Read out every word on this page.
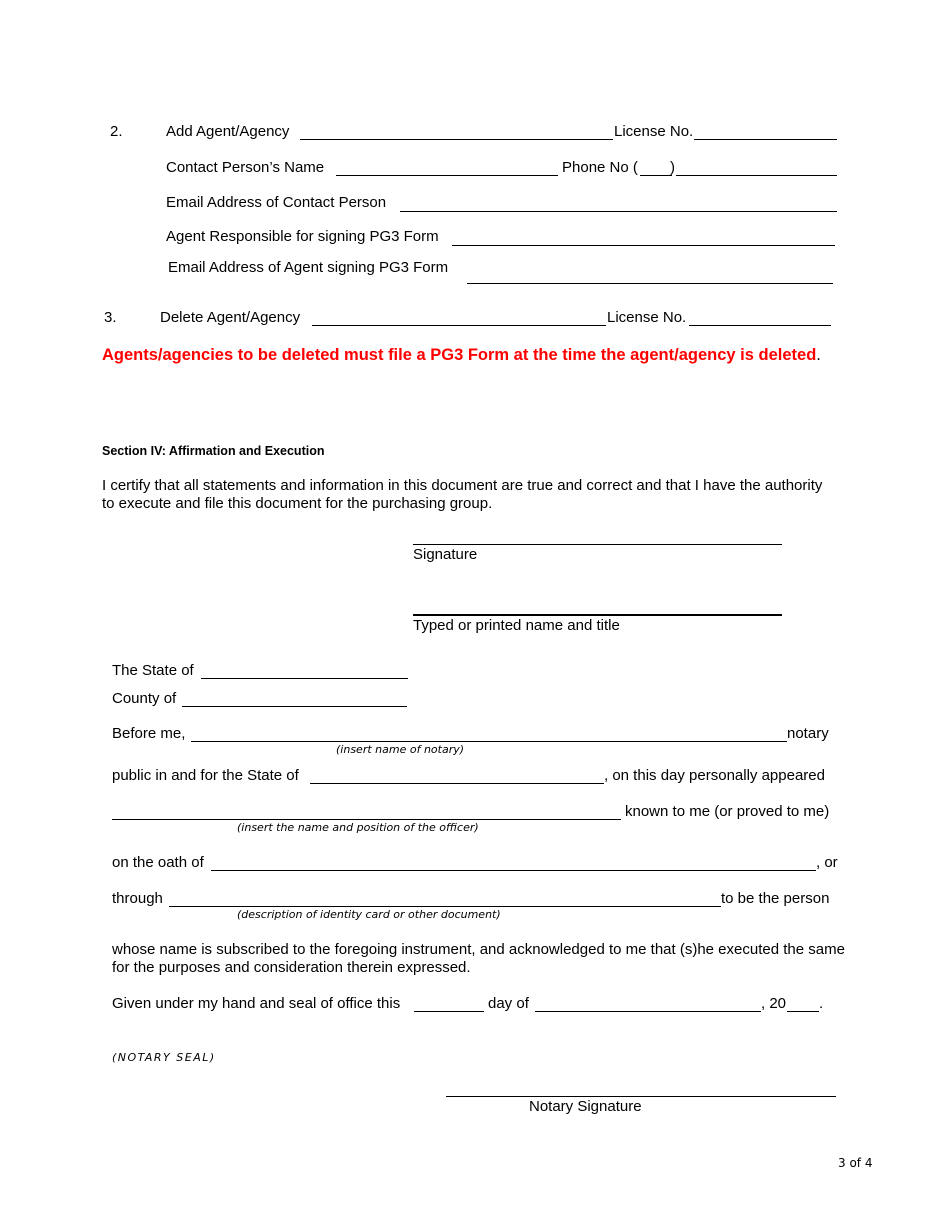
2.	Add Agent/Agency	License No.
Contact Person’s Name	Phone No ( )
Email Address of Contact Person
Agent Responsible for signing PG3 Form
Email Address of Agent signing PG3 Form
3.	Delete Agent/Agency	License No.
Agents/agencies to be deleted must file a PG3 Form at the time the agent/agency is deleted.
Section IV: Affirmation and Execution
I certify that all statements and information in this document are true and correct and that I have the authority to execute and file this document for the purchasing group.
Signature
Typed or printed name and title
The State of
County of
Before me,	notary
(insert name of notary)
public in and for the State of	, on this day personally appeared
known to me (or proved to me)
(insert the name and position of the officer)
on the oath of	, or
through	to be the person
(description of identity card or other document)
whose name is subscribed to the foregoing instrument, and acknowledged to me that (s)he executed the same for the purposes and consideration therein expressed.
Given under my hand and seal of office this	day of	, 20 .
(NOTARY SEAL)
Notary Signature
3 of 4
